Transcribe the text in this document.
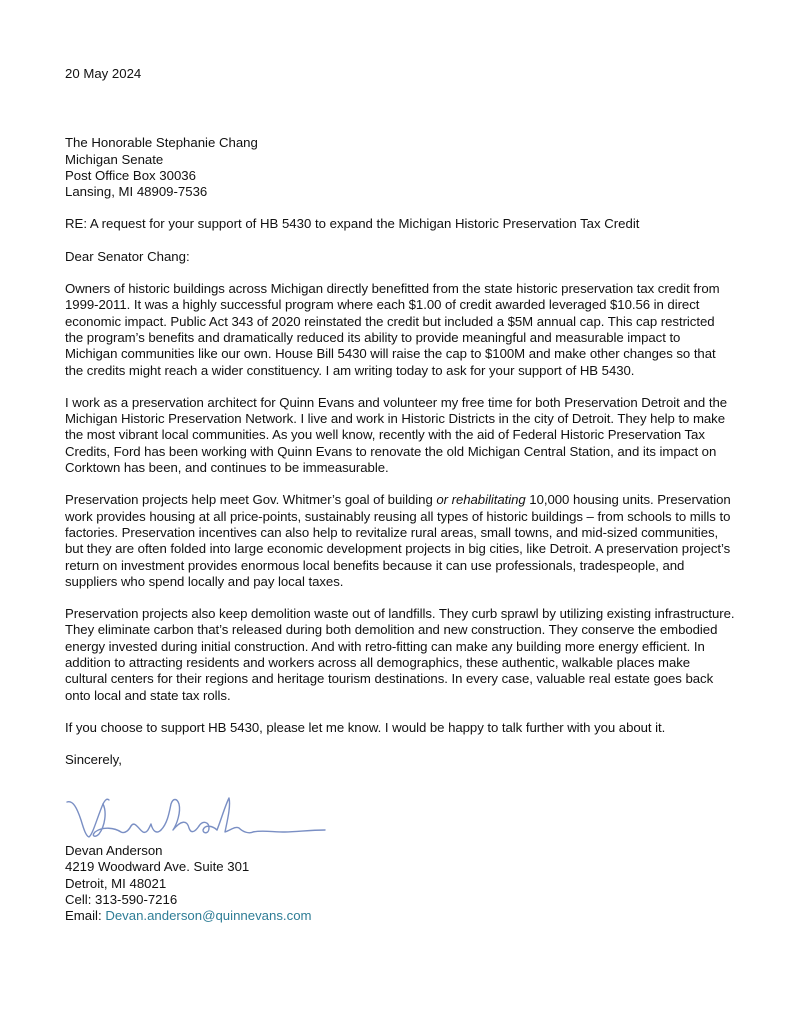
20 May 2024
The Honorable Stephanie Chang
Michigan Senate
Post Office Box 30036
Lansing, MI 48909-7536
RE: A request for your support of HB 5430 to expand the Michigan Historic Preservation Tax Credit
Dear Senator Chang:

Owners of historic buildings across Michigan directly benefitted from the state historic preservation tax credit from 1999-2011. It was a highly successful program where each $1.00 of credit awarded leveraged $10.56 in direct economic impact. Public Act 343 of 2020 reinstated the credit but included a $5M annual cap. This cap restricted the program’s benefits and dramatically reduced its ability to provide meaningful and measurable impact to Michigan communities like our own. House Bill 5430 will raise the cap to $100M and make other changes so that the credits might reach a wider constituency. I am writing today to ask for your support of HB 5430.

I work as a preservation architect for Quinn Evans and volunteer my free time for both Preservation Detroit and the Michigan Historic Preservation Network. I live and work in Historic Districts in the city of Detroit. They help to make the most vibrant local communities. As you well know, recently with the aid of Federal Historic Preservation Tax Credits, Ford has been working with Quinn Evans to renovate the old Michigan Central Station, and its impact on Corktown has been, and continues to be immeasurable.

Preservation projects help meet Gov. Whitmer’s goal of building or rehabilitating 10,000 housing units. Preservation work provides housing at all price-points, sustainably reusing all types of historic buildings – from schools to mills to factories. Preservation incentives can also help to revitalize rural areas, small towns, and mid-sized communities, but they are often folded into large economic development projects in big cities, like Detroit. A preservation project’s return on investment provides enormous local benefits because it can use professionals, tradespeople, and suppliers who spend locally and pay local taxes.

Preservation projects also keep demolition waste out of landfills. They curb sprawl by utilizing existing infrastructure. They eliminate carbon that’s released during both demolition and new construction. They conserve the embodied energy invested during initial construction. And with retro-fitting can make any building more energy efficient. In addition to attracting residents and workers across all demographics, these authentic, walkable places make cultural centers for their regions and heritage tourism destinations. In every case, valuable real estate goes back onto local and state tax rolls.

If you choose to support HB 5430, please let me know. I would be happy to talk further with you about it.

Sincerely,
Devan Anderson
4219 Woodward Ave. Suite 301
Detroit, MI 48021
Cell: 313-590-7216
Email: Devan.anderson@quinnevans.com
